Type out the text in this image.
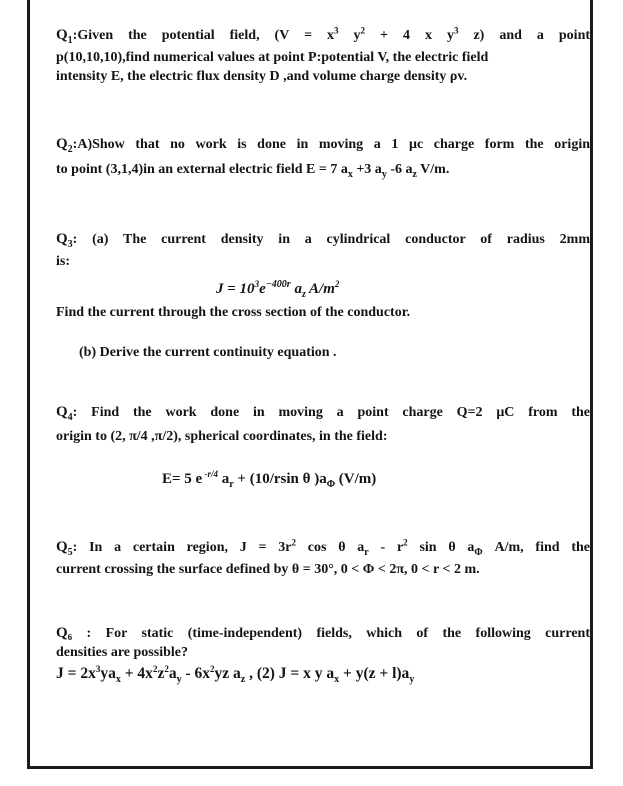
$Q_1:Given$ the potential field, ($V = x^3$ $y^2 + 4$ x $y^3$ z) and a point
p(10,10,10),find numerical values at point P:potential V, the electric field
intensity E, the electric flux density D ,and volume charge density ρv.
$Q_2:A)Show$ that no work is done in moving a 1 μc charge form the origin
to point (3,1,4)in an external electric field E = 7 $a_x +3$ $a_y$ -6 $a_z$ V/m.
$Q_3$: (a) The current density in a cylindrical conductor of radius 2mm
is:
$J = 10^3e^{-400r}$ $a_z$ $A/m^2$
Find the current through the cross section of the conductor.
(b) Derive the current continuity equation .
$Q_4$: Find the work done in moving a point charge Q=2 μC from the
origin to (2, π/4 ,π/2), spherical coordinates, in the field:
E= 5 e $^{-r/4}$ $a_r + (10/rsin$ θ )$a_\Phi$ (V/m)
$Q_5$: In a certain region, $J = 3r^2$ cos θ $a_r - r^2$ sin θ $a_\Phi$ A/m, find the
current crossing the surface defined by θ = 30°, 0 < Φ < 2π, 0 < r < 2 m.
Q₆ : For static (time-independent) fields, which of the following current
densities are possible?
$J = 2x^3ya_x + 4x^2z^2a_y - 6x^2yz$ $a_z$ , (2) J = x y $a_x + y(z + l)a_y$
